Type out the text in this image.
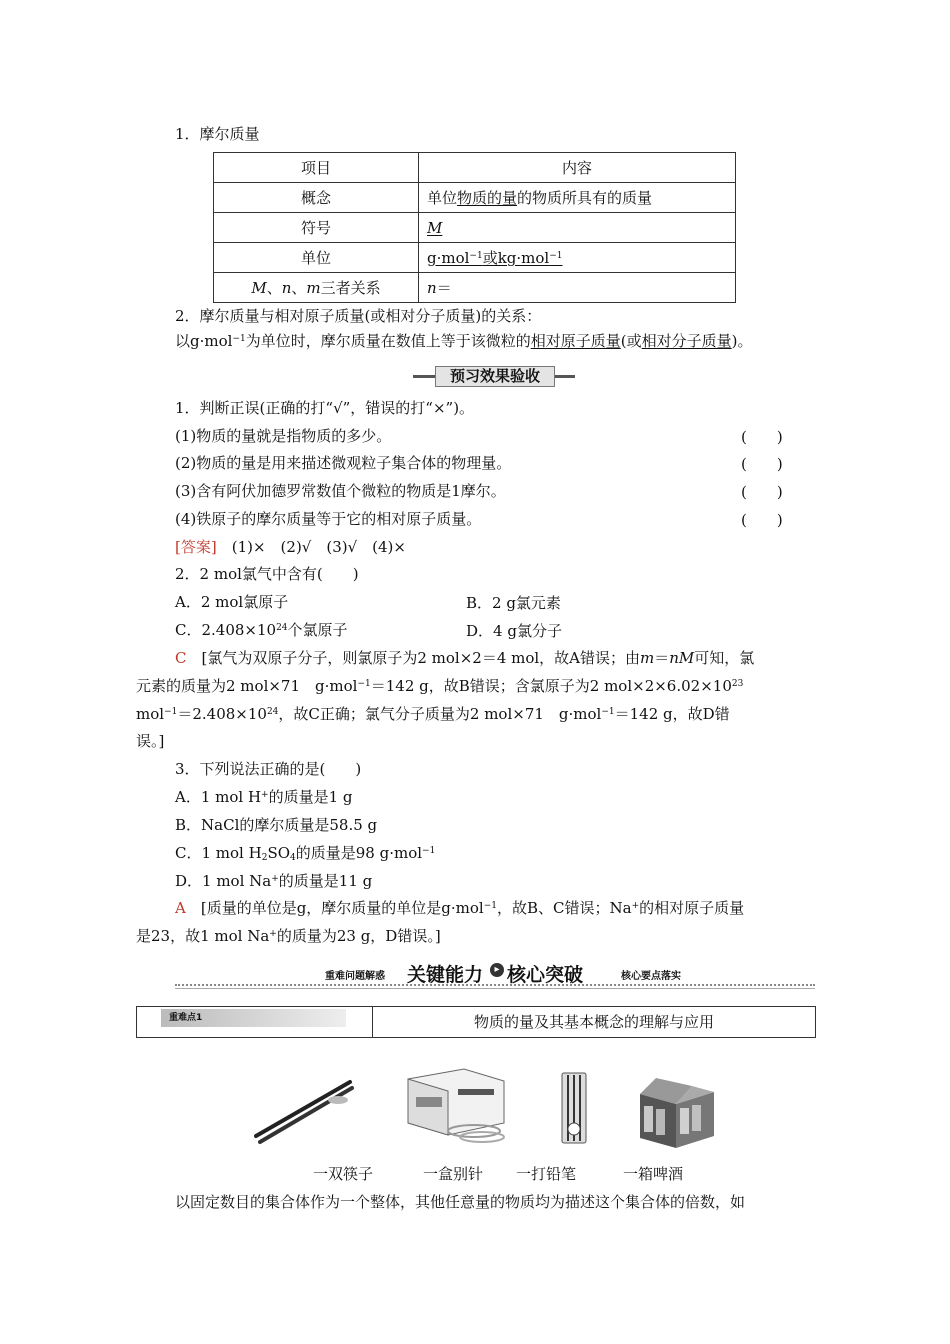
1．摩尔质量
项目	内容
概念	单位物质的量的物质所具有的质量
符号	M
单位	g·mol$^{-1}$或kg·mol$^{-1}$
M、n、m三者关系	n＝
2．摩尔质量与相对原子质量(或相对分子质量)的关系：
以g·mol$^{-1}$为单位时，摩尔质量在数值上等于该微粒的相对原子质量(或相对分子质量)。
预习效果验收
1．判断正误(正确的打“√”，错误的打“×”)。
(1)物质的量就是指物质的多少。	(　　)
(2)物质的量是用来描述微观粒子集合体的物理量。	(　　)
(3)含有阿伏加德罗常数值个微粒的物质是1摩尔。	(　　)
(4)铁原子的摩尔质量等于它的相对原子质量。	(　　)
[答案]　 (1)×　(2)√　(3)√　(4)×
2．2 mol氯气中含有(　　)
A．2 mol氯原子	B．2 g氯元素
C．$2.408\times 10^{24}$个氯原子	D．4 g氯分子
C　[氯气为双原子分子，则氯原子为2 mol×2＝4 mol，故A错误；由m＝nM可知，氯
元素的质量为2 mol×71　g·mol$^{-1}$＝142 g，故B错误；含氯原子为2 $mol\times 2\times 6.02\times 10^{23}$
$mol^{-1}=2.408\times 10^{24}$，故C正确；氯气分子质量为2 mol×71　g·mol$^{-1}$＝142 g，故D错
误。]
3．下列说法正确的是(　　)
A．1 mol H+的质量是1 g
B．NaCl的摩尔质量是58.5 g
C．1 mol $H_2SO_4$的质量是98 g·mol$^{-1}$
D．1 mol Na+的质量是11 g
A　[质量的单位是g，摩尔质量的单位是g·mol$^{-1}$，故B、C错误；Na+的相对原子质量
是23，故1 mol Na+的质量为23 g，D错误。]
重难问题解惑 关键能力	▸ 核心突破	核心要点落实
重难点1	物质的量及其基本概念的理解与应用
一双筷子	一盒别针 一打铅笔	一箱啤酒
以固定数目的集合体作为一个整体，其他任意量的物质均为描述这个集合体的倍数，如
